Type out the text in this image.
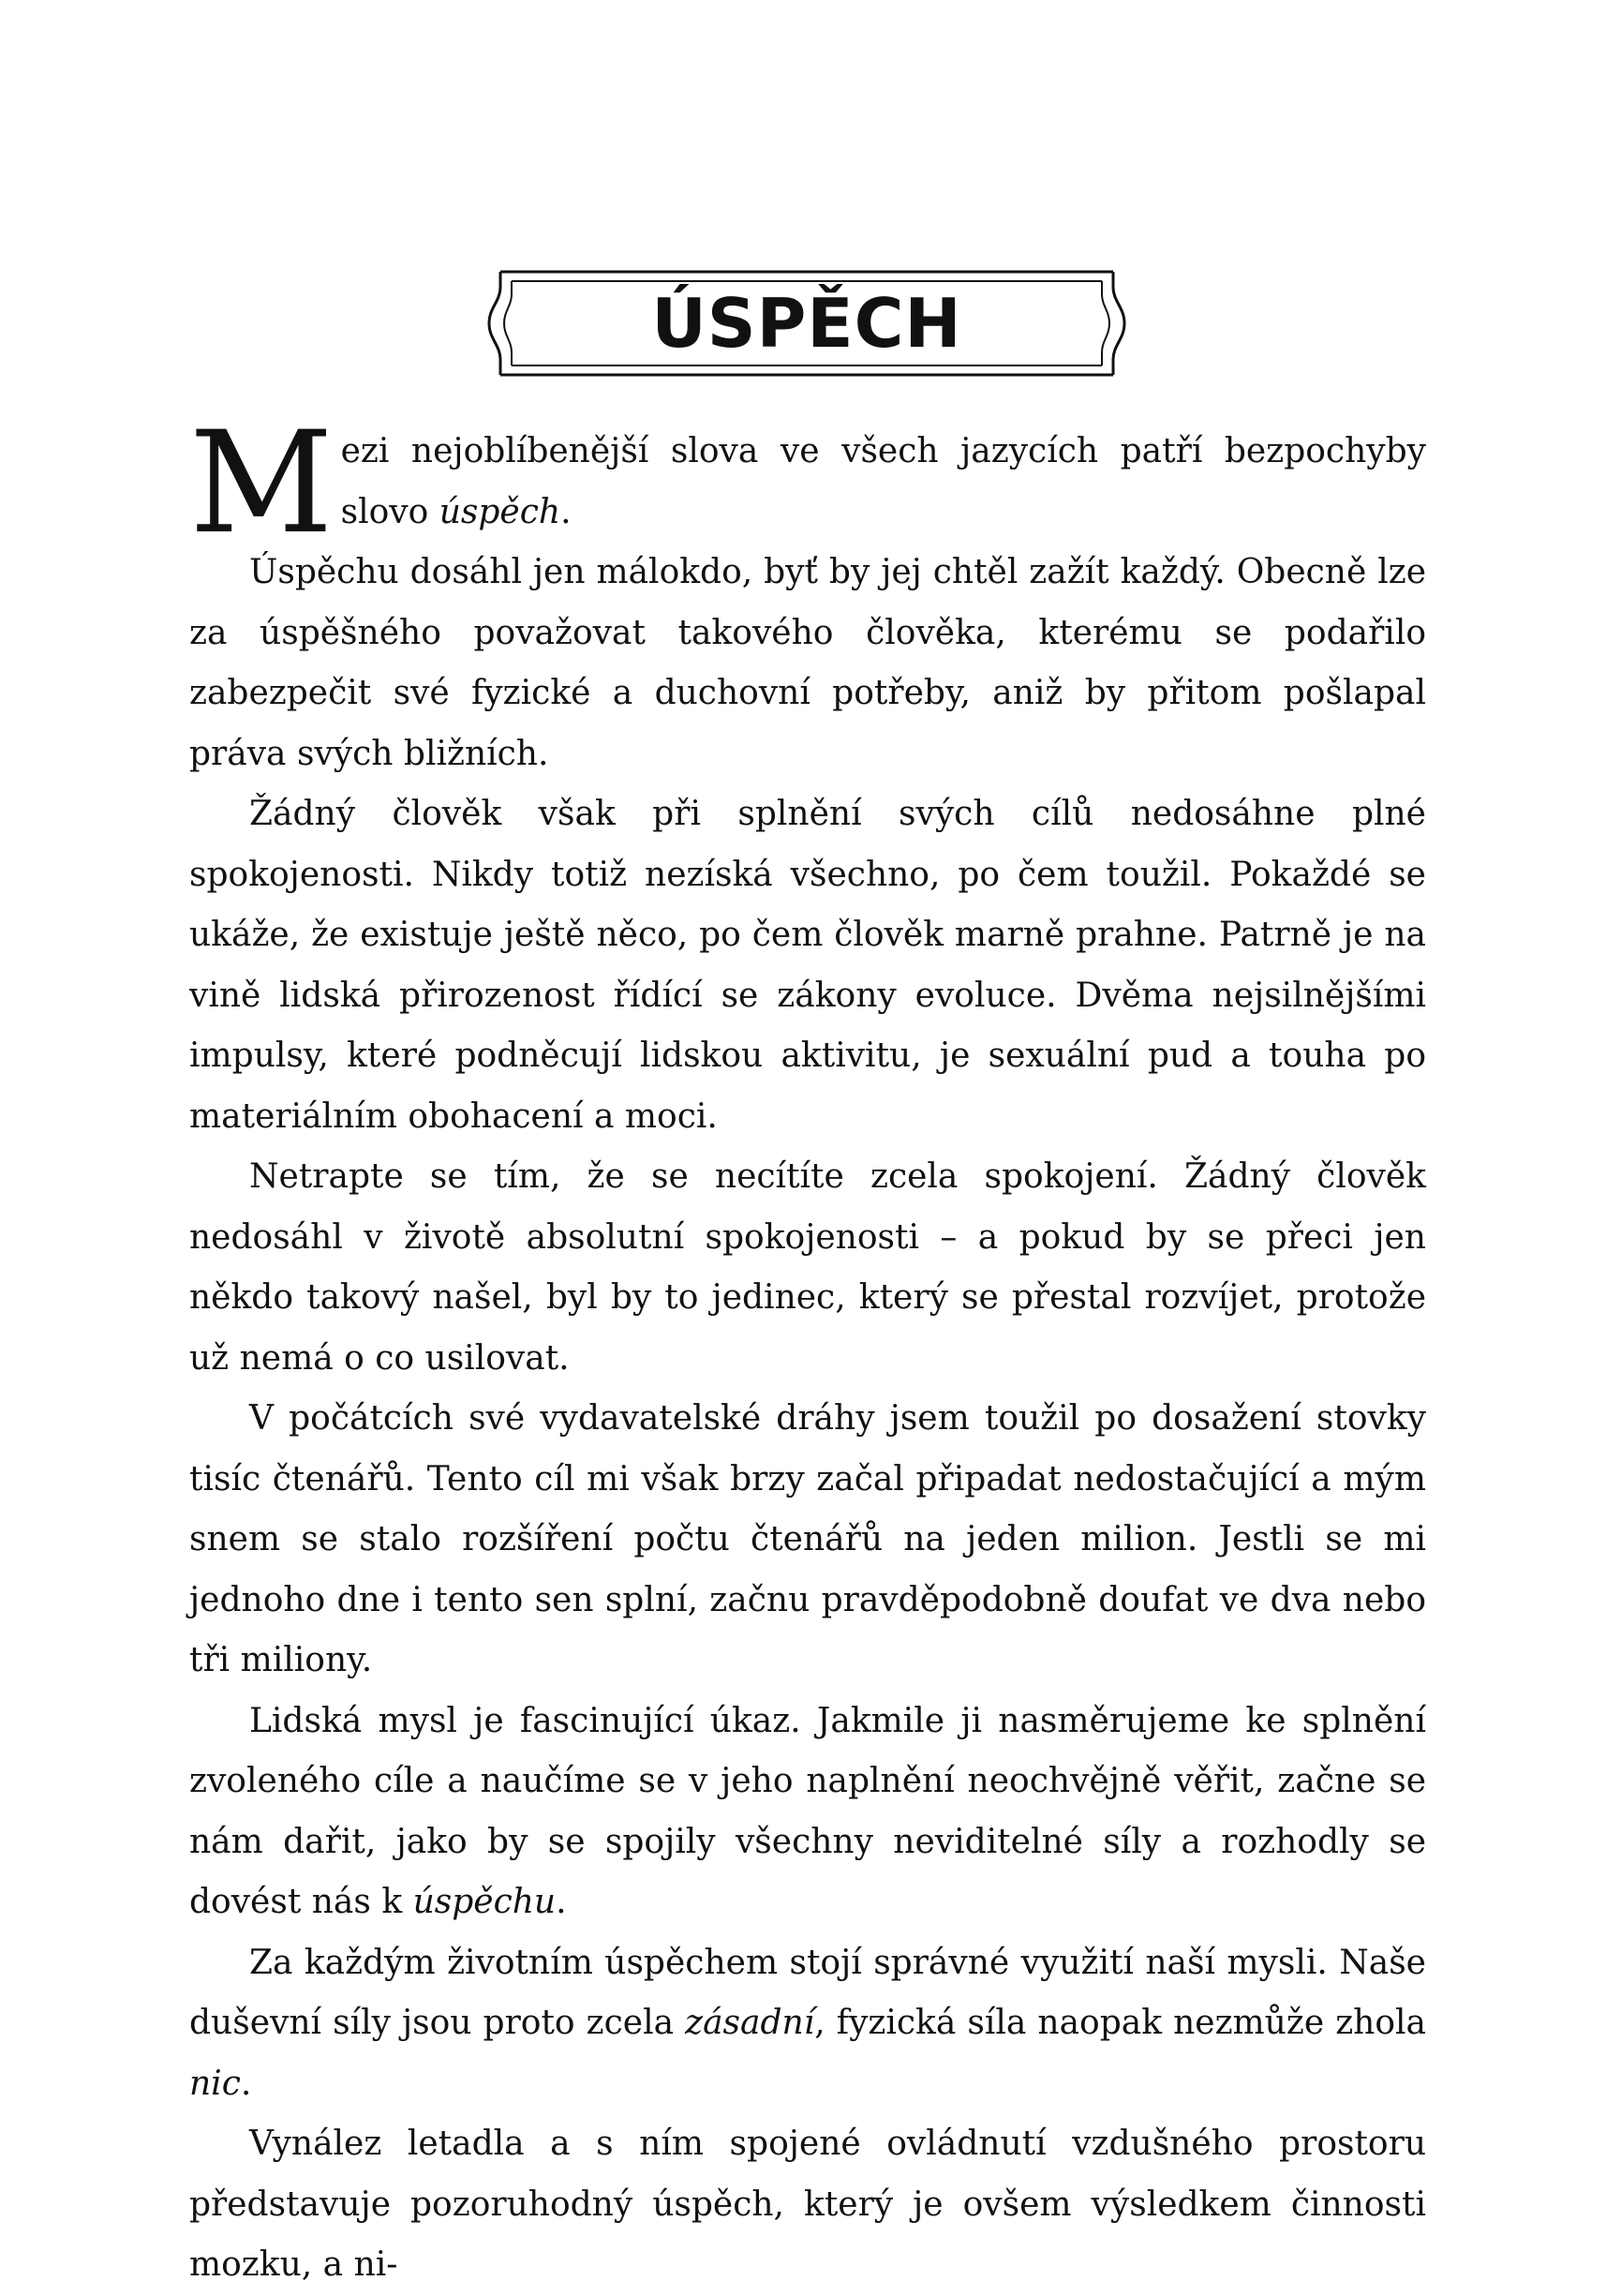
ÚSPĚCH

Mezi nejoblíbenější slova ve všech jazycích patří bezpochyby slovo úspěch.

Úspěchu dosáhl jen málokdo, byť by jej chtěl zažít každý. Obecně lze za úspěšného považovat takového člověka, kterému se podařilo zabezpečit své fyzické a duchovní potřeby, aniž by přitom pošlapal práva svých bližních.

Žádný člověk však při splnění svých cílů nedosáhne plné spokojenosti. Nikdy totiž nezíská všechno, po čem toužil. Pokaždé se ukáže, že existuje ještě něco, po čem člověk marně prahne. Patrně je na vině lidská přirozenost řídící se zákony evoluce. Dvěma nejsilnějšími impulsy, které podněcují lidskou aktivitu, je sexuální pud a touha po materiálním obohacení a moci.

Netrapte se tím, že se necítíte zcela spokojení. Žádný člověk nedosáhl v životě absolutní spokojenosti – a pokud by se přeci jen někdo takový našel, byl by to jedinec, který se přestal rozvíjet, protože už nemá o co usilovat.

V počátcích své vydavatelské dráhy jsem toužil po dosažení stovky tisíc čtenářů. Tento cíl mi však brzy začal připadat nedostačující a mým snem se stalo rozšíření počtu čtenářů na jeden milion. Jestli se mi jednoho dne i tento sen splní, začnu pravděpodobně doufat ve dva nebo tři miliony.

Lidská mysl je fascinující úkaz. Jakmile ji nasměrujeme ke splnění zvoleného cíle a naučíme se v jeho naplnění neochvějně věřit, začne se nám dařit, jako by se spojily všechny neviditelné síly a rozhodly se dovést nás k úspěchu.

Za každým životním úspěchem stojí správné využití naší mysli. Naše duševní síly jsou proto zcela zásadní, fyzická síla naopak nezmůže zhola nic.

Vynález letadla a s ním spojené ovládnutí vzdušného prostoru představuje pozoruhodný úspěch, který je ovšem výsledkem činnosti mozku, a ni-
